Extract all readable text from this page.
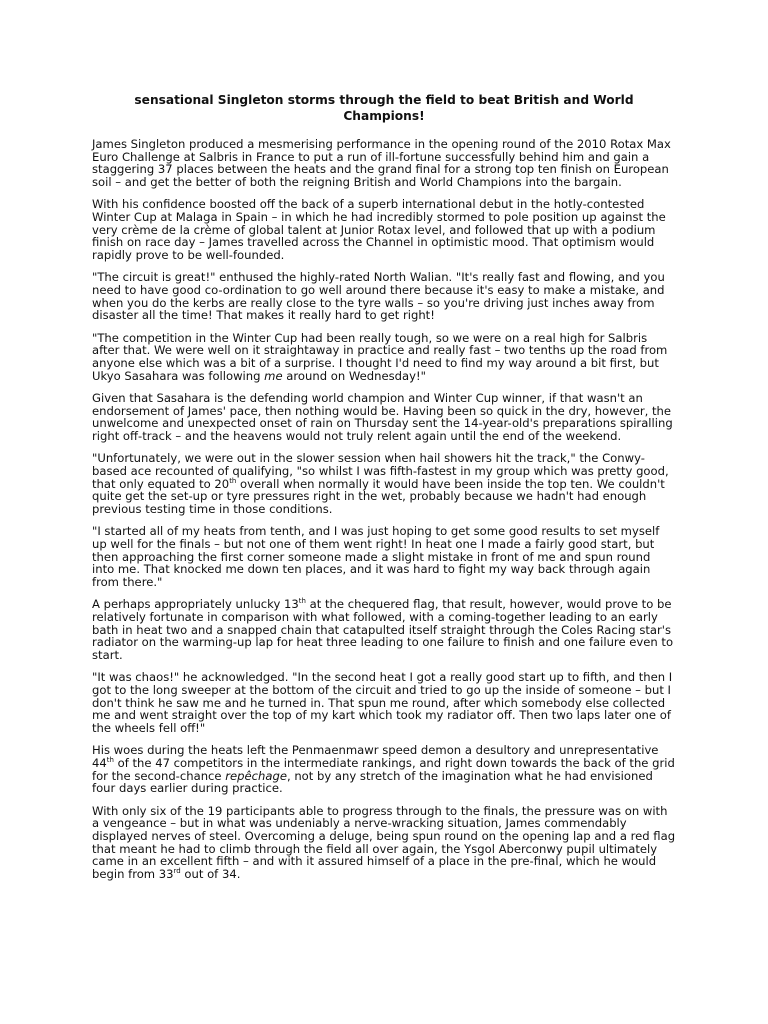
sensational Singleton storms through the field to beat British and World Champions!

James Singleton produced a mesmerising performance in the opening round of the 2010 Rotax Max Euro Challenge at Salbris in France to put a run of ill-fortune successfully behind him and gain a staggering 37 places between the heats and the grand final for a strong top ten finish on European soil – and get the better of both the reigning British and World Champions into the bargain.

With his confidence boosted off the back of a superb international debut in the hotly-contested Winter Cup at Malaga in Spain – in which he had incredibly stormed to pole position up against the very crème de la crème of global talent at Junior Rotax level, and followed that up with a podium finish on race day – James travelled across the Channel in optimistic mood. That optimism would rapidly prove to be well-founded.

"The circuit is great!" enthused the highly-rated North Walian. "It's really fast and flowing, and you need to have good co-ordination to go well around there because it's easy to make a mistake, and when you do the kerbs are really close to the tyre walls – so you're driving just inches away from disaster all the time! That makes it really hard to get right!

"The competition in the Winter Cup had been really tough, so we were on a real high for Salbris after that. We were well on it straightaway in practice and really fast – two tenths up the road from anyone else which was a bit of a surprise. I thought I'd need to find my way around a bit first, but Ukyo Sasahara was following me around on Wednesday!"

Given that Sasahara is the defending world champion and Winter Cup winner, if that wasn't an endorsement of James' pace, then nothing would be. Having been so quick in the dry, however, the unwelcome and unexpected onset of rain on Thursday sent the 14-year-old's preparations spiralling right off-track – and the heavens would not truly relent again until the end of the weekend.

"Unfortunately, we were out in the slower session when hail showers hit the track," the Conwy-based ace recounted of qualifying, "so whilst I was fifth-fastest in my group which was pretty good, that only equated to 20th overall when normally it would have been inside the top ten. We couldn't quite get the set-up or tyre pressures right in the wet, probably because we hadn't had enough previous testing time in those conditions.

"I started all of my heats from tenth, and I was just hoping to get some good results to set myself up well for the finals – but not one of them went right! In heat one I made a fairly good start, but then approaching the first corner someone made a slight mistake in front of me and spun round into me. That knocked me down ten places, and it was hard to fight my way back through again from there."

A perhaps appropriately unlucky 13th at the chequered flag, that result, however, would prove to be relatively fortunate in comparison with what followed, with a coming-together leading to an early bath in heat two and a snapped chain that catapulted itself straight through the Coles Racing star's radiator on the warming-up lap for heat three leading to one failure to finish and one failure even to start.

"It was chaos!" he acknowledged. "In the second heat I got a really good start up to fifth, and then I got to the long sweeper at the bottom of the circuit and tried to go up the inside of someone – but I don't think he saw me and he turned in. That spun me round, after which somebody else collected me and went straight over the top of my kart which took my radiator off. Then two laps later one of the wheels fell off!"

His woes during the heats left the Penmaenmawr speed demon a desultory and unrepresentative 44th of the 47 competitors in the intermediate rankings, and right down towards the back of the grid for the second-chance repêchage, not by any stretch of the imagination what he had envisioned four days earlier during practice.

With only six of the 19 participants able to progress through to the finals, the pressure was on with a vengeance – but in what was undeniably a nerve-wracking situation, James commendably displayed nerves of steel. Overcoming a deluge, being spun round on the opening lap and a red flag that meant he had to climb through the field all over again, the Ysgol Aberconwy pupil ultimately came in an excellent fifth – and with it assured himself of a place in the pre-final, which he would begin from 33rd out of 34.
